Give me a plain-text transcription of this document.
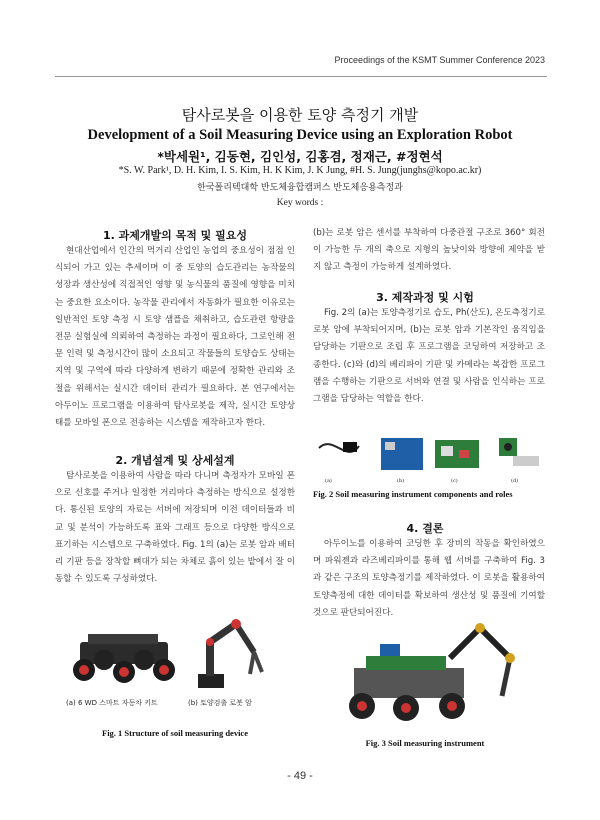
Proceedings of the KSMT Summer Conference 2023
탐사로봇을 이용한 토양 측정기 개발
Development of a Soil Measuring Device using an Exploration Robot
*박세원¹, 김동현, 김인성, 김홍겸, 정재근, #정현석
*S. W. Park¹, D. H. Kim, I. S. Kim, H. K Kim, J. K Jung, #H. S. Jung(junghs@kopo.ac.kr)
한국폴리텍대학 반도체융합캠퍼스 반도체응용측정과
Key words :
1. 과제개발의 목적 및 필요성

현대산업에서 인간의 먹거리 산업인 농업의 중요성이 점점 인식되어 가고 있는 추세이며 이 중 토양의 습도관리는 농작물의 성장과 생산성에 직접적인 영향 및 농식물의 품질에 영향을 미치는 중요한 요소이다. 농작물 관리에서 자동화가 필요한 이유로는 일반적인 토양 측정 시 토양 샘플을 채취하고, 습도관련 항량을 전문 실험실에 의뢰하여 측정하는 과정이 필요하다, 그로인해 전문 인력 및 측정시간이 많이 소요되고 작물들의 토양습도 상태는 지역 및 구역에 따라 다양하게 변하기 때문에 정확한 관리와 조절을 위해서는 실시간 데이터 관리가 필요하다. 본 연구에서는 아두이노 프로그램을 이용하여 탐사로봇을 제작, 실시간 토양상태를 모바일 폰으로 전송하는 시스템을 제작하고자 한다.

2. 개념설계 및 상세설계

탐사로봇을 이용하여 사람을 따라 다니며 측정자가 모바일 폰으로 신호를 주거나 일정한 거리마다 측정하는 방식으로 설정한다. 통신된 토양의 자료는 서버에 저장되며 이전 데이터들과 비교 및 분석이 가능하도록 표와 그래프 등으로 다양한 방식으로 표기하는 시스템으로 구축하였다. Fig. 1의 (a)는 로봇 암과 배터리 기판 등을 장착할 뼈대가 되는 차체로 흙이 있는 밭에서 잘 이동할 수 있도록 구성하였다.

(a) 6 WD 스마트 자동차 키트	(b) 토양검출 로봇 암
Fig. 1 Structure of soil measuring device

(b)는 로봇 암은 센서를 부착하여 다중관절 구조로 360° 회전이 가능한 두 개의 축으로 지형의 높낮이와 방향에 제약을 받지 않고 측정이 가능하게 설계하였다.

3. 제작과정 및 시험

Fig. 2의 (a)는 토양측정기로 습도, Ph(산도), 온도측정기로 로봇 암에 부착되어지며, (b)는 로봇 암과 기본작인 움직임을 담당하는 기판으로 조립 후 프로그램을 코딩하여 저장하고 조종한다. (c)와 (d)의 베리파이 기판 및 카메라는 복잡한 프로그램을 수행하는 기판으로 서버와 연결 및 사람을 인식하는 프로그램을 담당하는 역할을 한다.

(a)	(b)	(c)	(d)
Fig. 2 Soil measuring instrument components and roles
4. 결론

아두이노를 이용하여 코딩한 후 장비의 작동을 확인하였으며 파워젠과 라즈베리파이를 통해 웹 서버를 구축하여 Fig. 3과 같은 구조의 토양측정기를 제작하였다. 이 로봇을 활용하여 토양측정에 대한 데이터를 확보하여 생산성 및 품질에 기여할 것으로 판단되어진다.

Fig. 3 Soil measuring instrument
- 49 -
